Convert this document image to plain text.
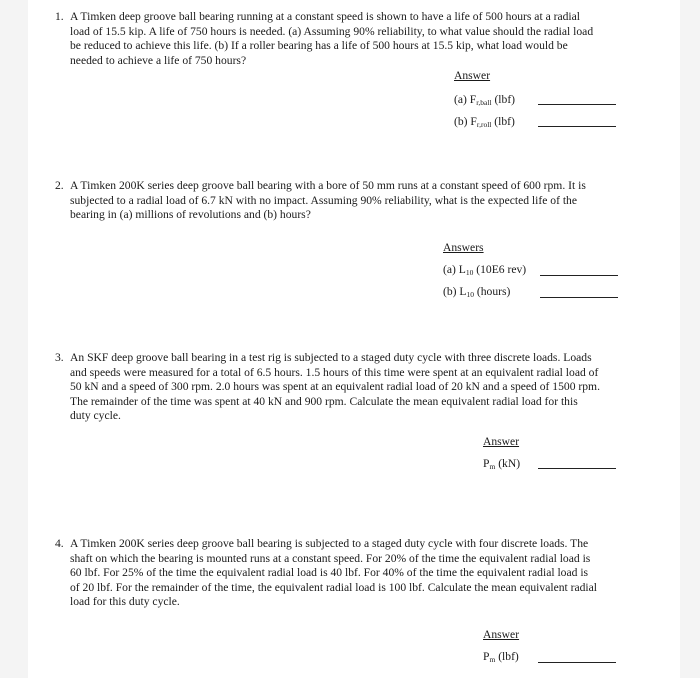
1. A Timken deep groove ball bearing running at a constant speed is shown to have a life of 500 hours at a radial load of 15.5 kip. A life of 750 hours is needed. (a) Assuming 90% reliability, to what value should the radial load be reduced to achieve this life. (b) If a roller bearing has a life of 500 hours at 15.5 kip, what load would be needed to achieve a life of 750 hours?
Answer
(a) $F_{r,ball}$ (lbf)
(b) $F_{r,roll}$ (lbf)
2. A Timken 200K series deep groove ball bearing with a bore of 50 mm runs at a constant speed of 600 rpm. It is subjected to a radial load of 6.7 kN with no impact. Assuming 90% reliability, what is the expected life of the bearing in (a) millions of revolutions and (b) hours?
Answers
(a) $L_{10}$ (10E6 rev)
(b) $L_{10}$ (hours)
3. An SKF deep groove ball bearing in a test rig is subjected to a staged duty cycle with three discrete loads. Loads and speeds were measured for a total of 6.5 hours. 1.5 hours of this time were spent at an equivalent radial load of 50 kN and a speed of 300 rpm. 2.0 hours was spent at an equivalent radial load of 20 kN and a speed of 1500 rpm. The remainder of the time was spent at 40 kN and 900 rpm. Calculate the mean equivalent radial load for this duty cycle.
Answer
$P_m$ (kN)
4. A Timken 200K series deep groove ball bearing is subjected to a staged duty cycle with four discrete loads. The shaft on which the bearing is mounted runs at a constant speed. For 20% of the time the equivalent radial load is 60 lbf. For 25% of the time the equivalent radial load is 40 lbf. For 40% of the time the equivalent radial load is of 20 lbf. For the remainder of the time, the equivalent radial load is 100 lbf. Calculate the mean equivalent radial load for this duty cycle.
Answer
$P_m$ (lbf)
